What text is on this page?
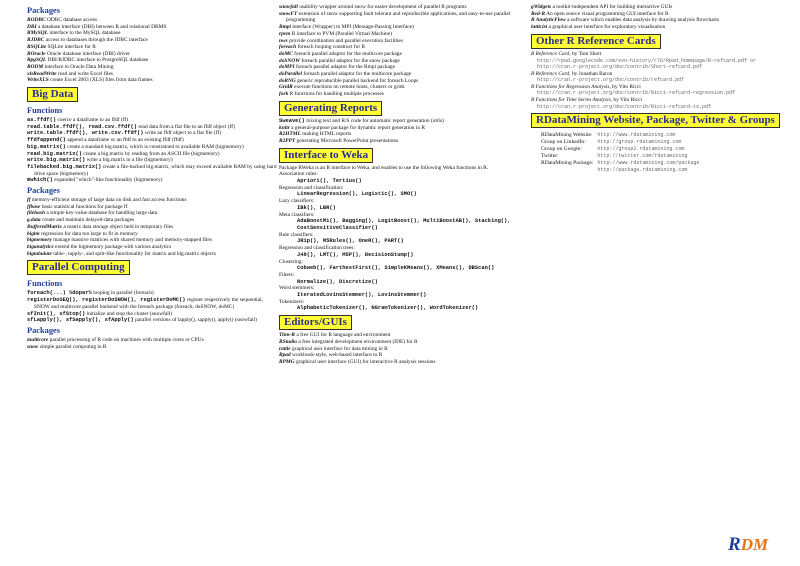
Packages
RODBC ODBC database access
DBI a database interface (DBI) between R and relational DBMS
RMySQL interface to the MySQL database
RJDBC access to databases through the JDBC interface
RSQLite SQLite interface for R
ROracle Oracle database interface (DBI) driver
RpgSQL DBI/RJDBC interface to PostgreSQL database
RODM interface to Oracle Data Mining
xlsReadWrite read and write Excel files
WriteXLS create Excel 2003 (XLS) files from data frames
Big Data
Functions
as.ffdf() coerce a dataframe to an ffdf (ff)
read.table.ffdf(), read.csv.ffdf() read data from a flat file to an ffdf object (ff)
write.table.ffdf(), write.csv.ffdf() write an ffdf object to a flat file (ff)
ffdfappend() append a dataframe or an ffdf to an existing ffdf (ffdf)
big.matrix() create a standard big.matrix, which is constrained to available RAM (bigmemory)
read.big.matrix() create a big.matrix by reading from an ASCII file (bigmemory)
write.big.matrix() write a big.matrix to a file (bigmemory)
filebacked.big.matrix() create a file-backed big.matrix, which may exceed available RAM by using hard drive space (bigmemory)
mwhich() expanded "which"-like functionality (bigmemory)
Packages
ff memory-efficient storage of large data on disk and fast access functions
ffbase basic statistical functions for package ff
filehash a simple key-value database for handling large data
g.data create and maintain delayed-data packages
BufferedMatrix a matrix data storage object held in temporary files
biglm regression for data too large to fit in memory
bigmemory manage massive matrices with shared memory and memory-mapped files
biganalytics extend the bigmemory package with various analytics
bigtabulate table-, tapply-, and split-like functionality for matrix and big.matrix objects
Parallel Computing
Functions
foreach(...) %dopar% looping in parallel (foreach)
registerDoSEQ(), registerDoSNOW(), registerDoMC() register respectively the sequential, SNOW and multicore parallel backend with the foreach package (foreach, doSNOW, doMC)
sfInit(), sfStop() initialize and stop the cluster (snowfall)
sfLapply(), sfSapply(), sfApply() parallel versions of lapply(), sapply(), apply() (snowfall)
Packages
multicore parallel processing of R code on machines with multiple cores or CPUs
snow simple parallel computing in R
snowfall usability wrapper around snow for easier development of parallel R programs
snowFT extension of snow supporting fault tolerant and reproducible applications, and easy-to-use parallel programming
Rmpi interface (Wrapper) to MPI (Message-Passing Interface)
rpvm R interface to PVM (Parallel Virtual Machine)
nws provide coordination and parallel execution facilities
foreach foreach looping construct for R
doMC foreach parallel adaptor for the multicore package
doSNOW foreach parallel adaptor for the snow package
doMPI foreach parallel adaptor for the Rmpi package
doParallel foreach parallel adaptor for the multicore package
doRNG generic reproducible parallel backend for foreach Loops
GridR execute functions on remote hosts, clusters or grids
fork R functions for handling multiple processes
Generating Reports
Sweave() mixing text and R/S code for automatic report generation (utils)
knitr a general-purpose package for dynamic report generation in R
R2HTML making HTML reports
R2PPT generating Microsoft PowerPoint presentations
Interface to Weka
Package RWeka is an R interface to Weka, and enables to use the following Weka functions in R.
Association rules:
Apriori(), Tertius()
Regression and classification:
LinearRegression(), Logistic(), SMO()
Lazy classifiers:
IBk(), LBR()
Meta classifiers:
AdaBoostM1(), Bagging(), LogitBoost(), MultiBoostAB(), Stacking(), CostSensitiveClassifier()
Rule classifiers:
JRip(), M5Rules(), OneR(), PART()
Regression and classification trees:
J48(), LMT(), M5P(), DecisionStump()
Clustering:
Cobweb(), FarthestFirst(), SimpleKMeans(), XMeans(), DBScan()
Filters:
Normalize(), Discretize()
Word stemmers:
IteratedLovinsStemmer(), LovinsStemmer()
Tokenizers:
AlphabeticTokenizer(), NGramTokenizer(), WordTokenizer()
Editors/GUIs
Tinn-R a free GUI for R language and environment
RStudio a free integrated development environment (IDE) for R
rattle graphical user interface for data mining in R
Rpad workbook-style, web-based interface to R
RPMG graphical user interface (GUI) for interactive R analysis sessions
gWidgets a toolkit-independent API for building interactive GUIs
Red-R An open source visual programming GUI interface for R
R AnalyticFlow a software which enables data analysis by drawing analysis flowcharts
latticist a graphical user interface for exploratory visualisation
Other R Reference Cards
R Reference Card, by Tom Short
http://rpad.googlecode.com/svn-history/r76/Rpad_homepage/R-refcard.pdf or
http://cran.r-project.org/doc/contrib/Short-refcard.pdf
R Reference Card, by Jonathan Baron
http://cran.r-project.org/doc/contrib/refcard.pdf
R Functions for Regression Analysis, by Vito Ricci
http://cran.r-project.org/doc/contrib/Ricci-refcard-regression.pdf
R Functions for Time Series Analysis, by Vito Ricci
http://cran.r-project.org/doc/contrib/Ricci-refcard-ts.pdf
RDataMining Website, Package, Twitter & Groups
RDataMining Website:	http://www.rdatamining.com
Group on LinkedIn:	http://group.rdatamining.com
Group on Google:	http://group2.rdatamining.com
Twitter:	http://twitter.com/rdatamining
RDataMining Package:	http://www.rdatamining.com/package
	http://package.rdatamining.com
RDM
